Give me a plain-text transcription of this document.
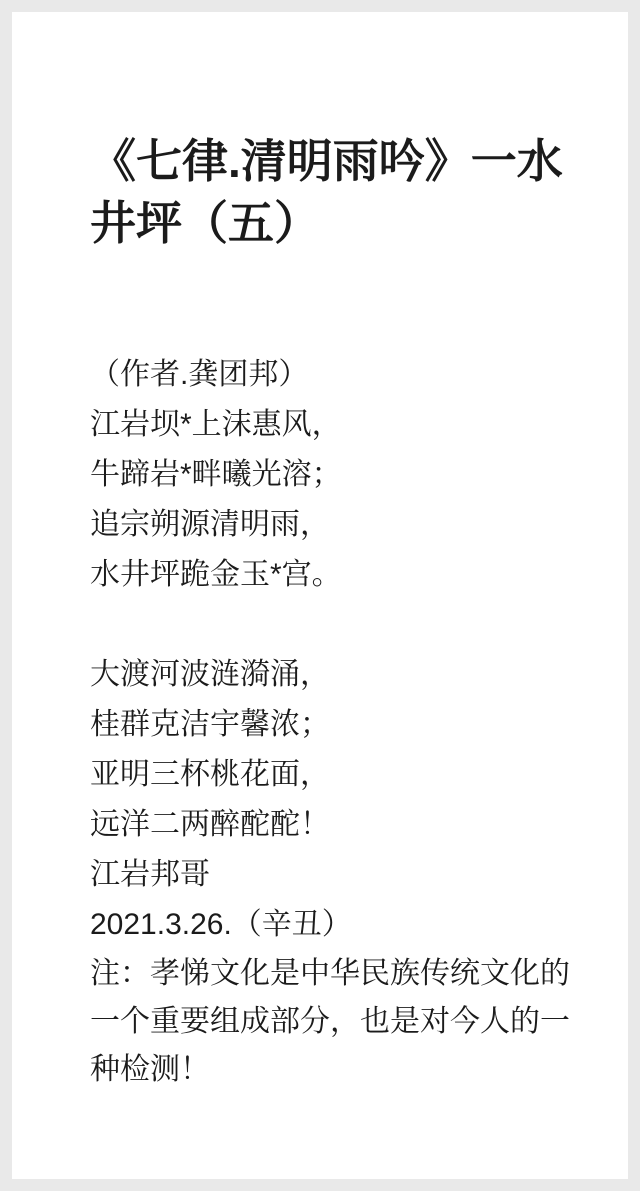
《七律.清明雨吟》一水井坪（五）
（作者.龚团邦）
江岩坝*上沫惠风，
牛蹄岩*畔曦光溶；
追宗朔源清明雨，
水井坪跪金玉*宫。
大渡河波涟漪涌，
桂群克洁宇馨浓；
亚明三杯桃花面，
远洋二两醉酡酡！
江岩邦哥
2021.3.26.（辛丑）
注：孝悌文化是中华民族传统文化的一个重要组成部分，也是对今人的一种检测！
